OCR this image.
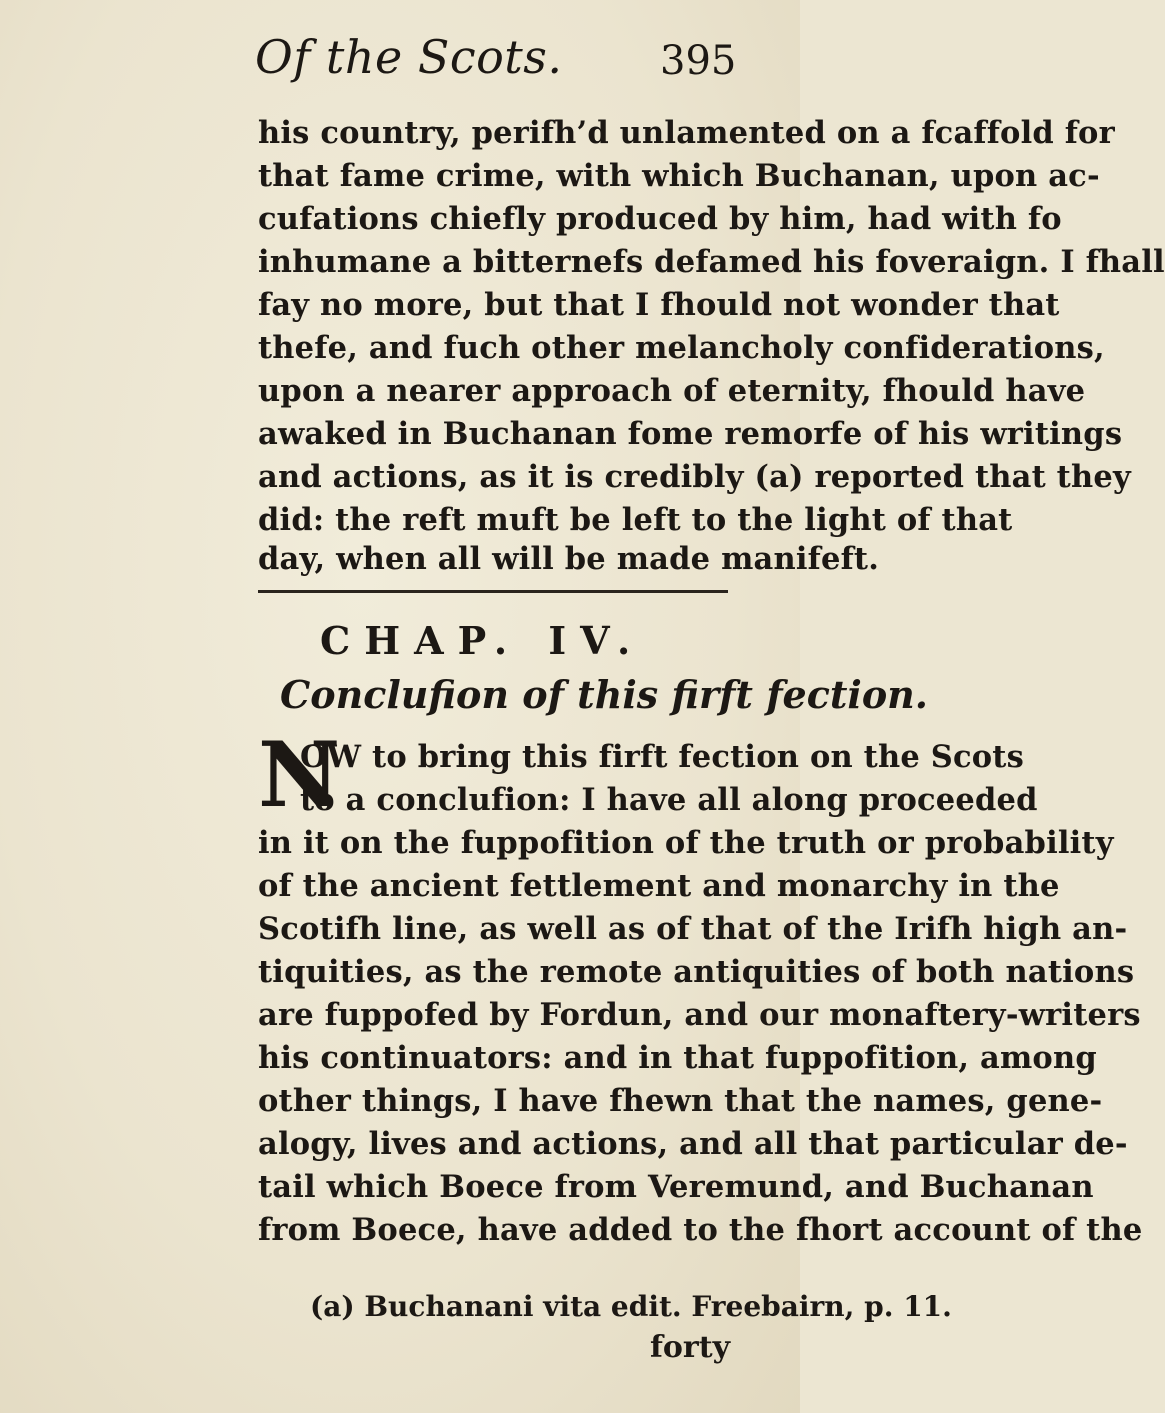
Of the Scots. 395
his country, perifh’d unlamented on a fcaffold for
that fame crime, with which Buchanan, upon ac-
cufations chiefly produced by him, had with fo
inhumane a bitternefs defamed his foveraign. I fhall
fay no more, but that I fhould not wonder that
thefe, and fuch other melancholy confiderations,
upon a nearer approach of eternity, fhould have
awaked in Buchanan fome remorfe of his writings
and actions, as it is credibly (a) reported that they
did: the reft muft be left to the light of that
day, when all will be made manifeft.
CHAP. IV.
Conclufion of this firft fection.
N
OW to bring this firft fection on the Scots
to a conclufion: I have all along proceeded
in it on the fuppofition of the truth or probability
of the ancient fettlement and monarchy in the
Scotifh line, as well as of that of the Irifh high an-
tiquities, as the remote antiquities of both nations
are fuppofed by Fordun, and our monaftery-writers
his continuators: and in that fuppofition, among
other things, I have fhewn that the names, gene-
alogy, lives and actions, and all that particular de-
tail which Boece from Veremund, and Buchanan
from Boece, have added to the fhort account of the
(a) Buchanani vita edit. Freebairn, p. 11.
forty
